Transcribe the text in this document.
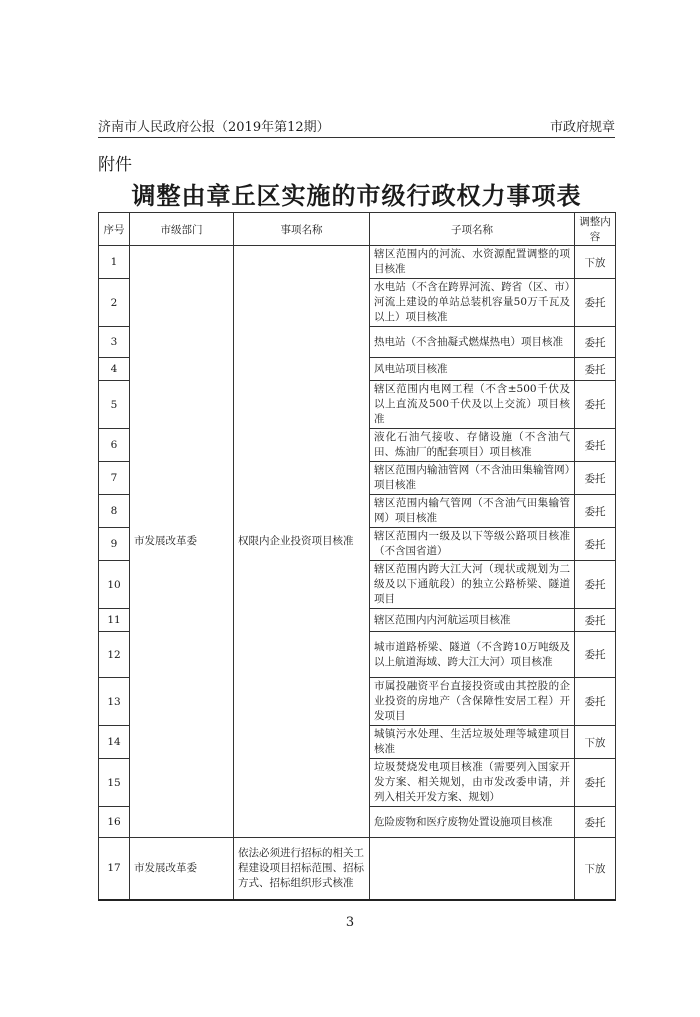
济南市人民政府公报（2019年第12期）	市政府规章
附件
调整由章丘区实施的市级行政权力事项表
序号	市级部门	事项名称	子项名称	调整内容
1	市发展改革委	权限内企业投资项目核准	辖区范围内的河流、水资源配置调整的项目核准	下放
2			水电站（不含在跨界河流、跨省（区、市）河流上建设的单站总装机容量50万千瓦及以上）项目核准	委托
3			热电站（不含抽凝式燃煤热电）项目核准	委托
4			风电站项目核准	委托
5			辖区范围内电网工程（不含±500千伏及以上直流及500千伏及以上交流）项目核准	委托
6			液化石油气接收、存储设施（不含油气田、炼油厂的配套项目）项目核准	委托
7			辖区范围内输油管网（不含油田集输管网）项目核准	委托
8			辖区范围内输气管网（不含油气田集输管网）项目核准	委托
9			辖区范围内一级及以下等级公路项目核准（不含国省道）	委托
10			辖区范围内跨大江大河（现状或规划为二级及以下通航段）的独立公路桥梁、隧道项目	委托
11			辖区范围内内河航运项目核准	委托
12			城市道路桥梁、隧道（不含跨10万吨级及以上航道海域、跨大江大河）项目核准	委托
13			市属投融资平台直接投资或由其控股的企业投资的房地产（含保障性安居工程）开发项目	委托
14			城镇污水处理、生活垃圾处理等城建项目核准	下放
15			垃圾焚烧发电项目核准（需要列入国家开发方案、相关规划，由市发改委申请，并列入相关开发方案、规划）	委托
16			危险废物和医疗废物处置设施项目核准	委托
17	市发展改革委	依法必须进行招标的相关工程建设项目招标范围、招标方式、招标组织形式核准		下放
3
